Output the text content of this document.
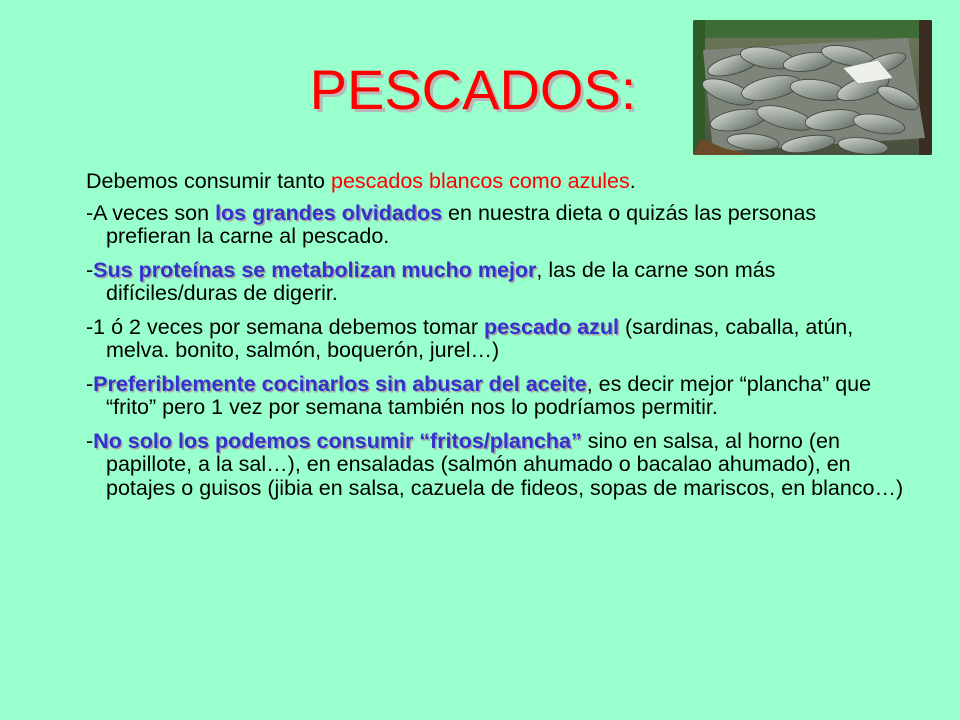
PESCADOS:

Debemos consumir tanto pescados blancos como azules.

-A veces son los grandes olvidados en nuestra dieta o quizás las personas prefieran la carne al pescado.

-Sus proteínas se metabolizan mucho mejor, las de la carne son más difíciles/duras de digerir.

-1 ó 2 veces por semana debemos tomar pescado azul (sardinas, caballa, atún, melva. bonito, salmón, boquerón, jurel…)

-Preferiblemente cocinarlos sin abusar del aceite, es decir mejor “plancha” que “frito” pero 1 vez por semana también nos lo podríamos permitir.

-No solo los podemos consumir “fritos/plancha” sino en salsa, al horno (en papillote, a la sal…), en ensaladas (salmón ahumado o bacalao ahumado), en potajes o guisos (jibia en salsa, cazuela de fideos, sopas de mariscos, en blanco…)
